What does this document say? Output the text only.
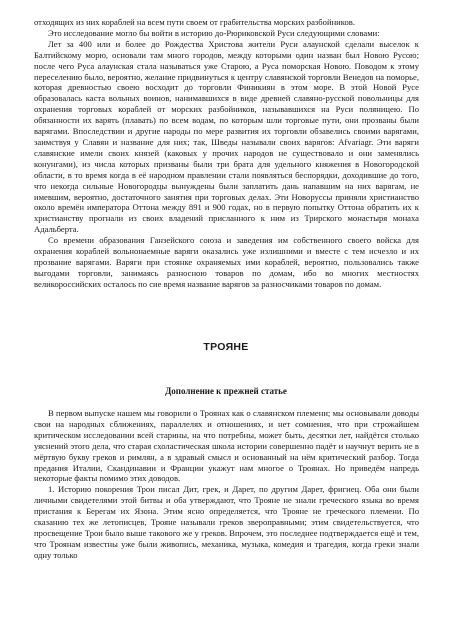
отходящих из них кораблей на всем пути своем от грабительства морских разбойников.

Это исследование могло бы войти в историю до-Рюриковской Руси следующими словами:

Лет за 400 или и более до Рождества Христова жители Руси алаунской сделали выселок к Балтийскому морю, основали там много городов, между которыми один назван был Новою Русою; после чего Руса алаунская стала называться уже Старою, а Руса поморская Новою. Поводом к этому переселению было, вероятно, желание придвинуться к центру славянской торговли Венедов на поморье, которая древностью своею восходит до торговли Финикиян в этом море. В этой Новой Русе образовалась каста вольных воинов, нанимавшихся в виде древней славяно-русской повольницы для охранения торговых кораблей от морских разбойников, называвшихся на Руси поляницею. По обязанности их варять (плавать) по всем водам, по которым шли торговые пути, они прозваны были варягами. Впоследствии и другие народы по мере развития их торговли обзавелись своими варягами, заимствуя у Славян и название для них; так, Шведы называли своих варягов: Afvariagr. Эти варяги славянские имели своих князей (каковых у прочих народов не существовало и они заменялись конунгами), из числа которых призваны были три брата для удельного княжения в Новогородской области, в то время когда в её народном правлении стали появляться беспорядки, доходившие до того, что некогда сильные Новогородцы вынуждены были заплатить дань напавшим на них варягам, не имевшим, вероятно, достаточного занятия при торговых делах. Эти Новоруссы приняли христианство около времён императора Оттона между 891 и 900 годах, но в первую попытку Оттона обратить их к христианству прогнали из своих владений присланного к ним из Трирского монастыря монаха Адальберта.

Со времени образования Ганзейского союза и заведения им собственного своего войска для охранения кораблей вольнонаемные варяги оказались уже излишними и вместе с тем исчезло и их прозвание варягами. Варяги при стоянке охраняемых ими кораблей, вероятно, пользовались также выгодами торговли, занимаясь разносною товаров по домам, ибо во многих местностях великороссийских осталось по сие время название варягов за разносчиками товаров по домам.

ТРОЯНЕ
Дополнение к прежней статье

В первом выпуске нашем мы говорили о Троянах как о славянском племени; мы основывали доводы свои на народных сближениях, параллелях и отношениях, и нет сомнения, что при строжайшем критическом исследовании всей старины, на что потребны, может быть, десятки лет, найдётся столько уяснений этого дела, что старая схоластическая школа истории совершенно падёт и научнут верить не в мёртвую букву греков и римлян, а в здравый смысл и основанный на нём критический разбор. Тогда предания Италии, Скандинавии и Франции укажут нам многое о Троянах. Но приведём напредь некоторые факты помимо этих доводов.

1. Историю покорения Трои писал Дит, грек, и Дарет, по другим Дарет, фригиец. Оба они были личными свидетелями этой битвы и оба утверждают, что Трояне не знали греческого языка во время пристания к Берегам их Язона. Этим ясно определяется, что Трояне не греческого племени. По сказанию тех же летописцев, Трояне называли греков звероправными; этим свидетельствуется, что просвещение Трои было выше такового же у греков. Впрочем, это последнее подтверждается ещё и тем, что Троянам известны уже были живопись, механика, музыка, комедия и трагедия, когда греки знали одну только
